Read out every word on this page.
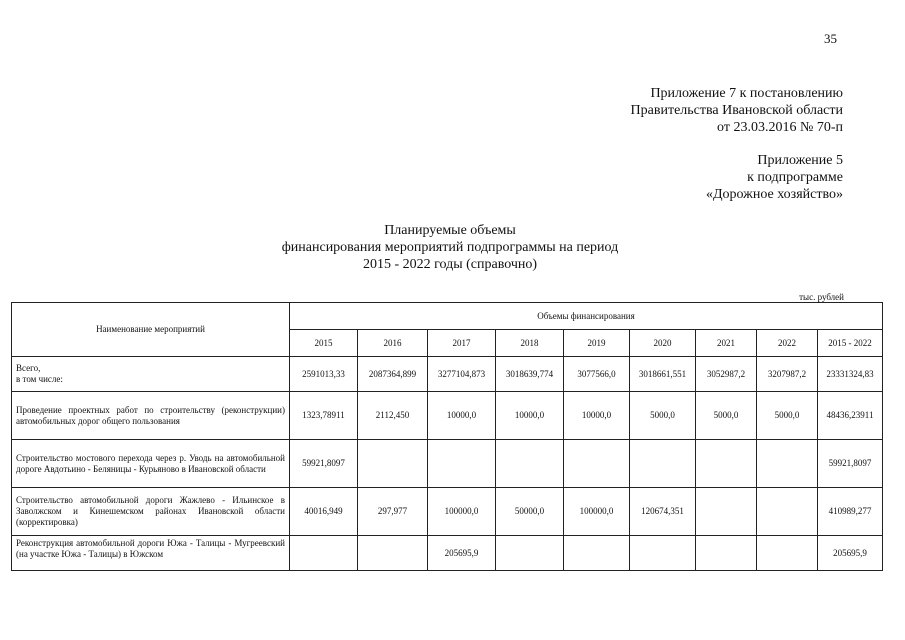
35
Приложение 7 к постановлению
Правительства Ивановской области
от 23.03.2016 № 70-п
Приложение 5
к подпрограмме
«Дорожное хозяйство»
Планируемые объемы
финансирования мероприятий подпрограммы на период
2015 - 2022 годы (справочно)
тыс. рублей
Наименование мероприятий	Объемы финансирования								
	2015	2016	2017	2018	2019	2020	2021	2022	2015 - 2022
Всего,
в том числе:	2591013,33	2087364,899	3277104,873	3018639,774	3077566,0	3018661,551	3052987,2	3207987,2	23331324,83
Проведение проектных работ по строительству (реконструкции) автомобильных дорог общего пользования	1323,78911	2112,450	10000,0	10000,0	10000,0	5000,0	5000,0	5000,0	48436,23911
Строительство мостового перехода через р. Уводь на автомобильной дороге Авдотьино - Беляницы - Курьяново в Ивановской области	59921,8097								59921,8097
Строительство автомобильной дороги Жажлево - Ильинское в Заволжском и Кинешемском районах Ивановской области (корректировка)	40016,949	297,977	100000,0	50000,0	100000,0	120674,351			410989,277
Реконструкция автомобильной дороги Южа - Талицы - Мугреевский (на участке Южа - Талицы) в Южском			205695,9						205695,9
